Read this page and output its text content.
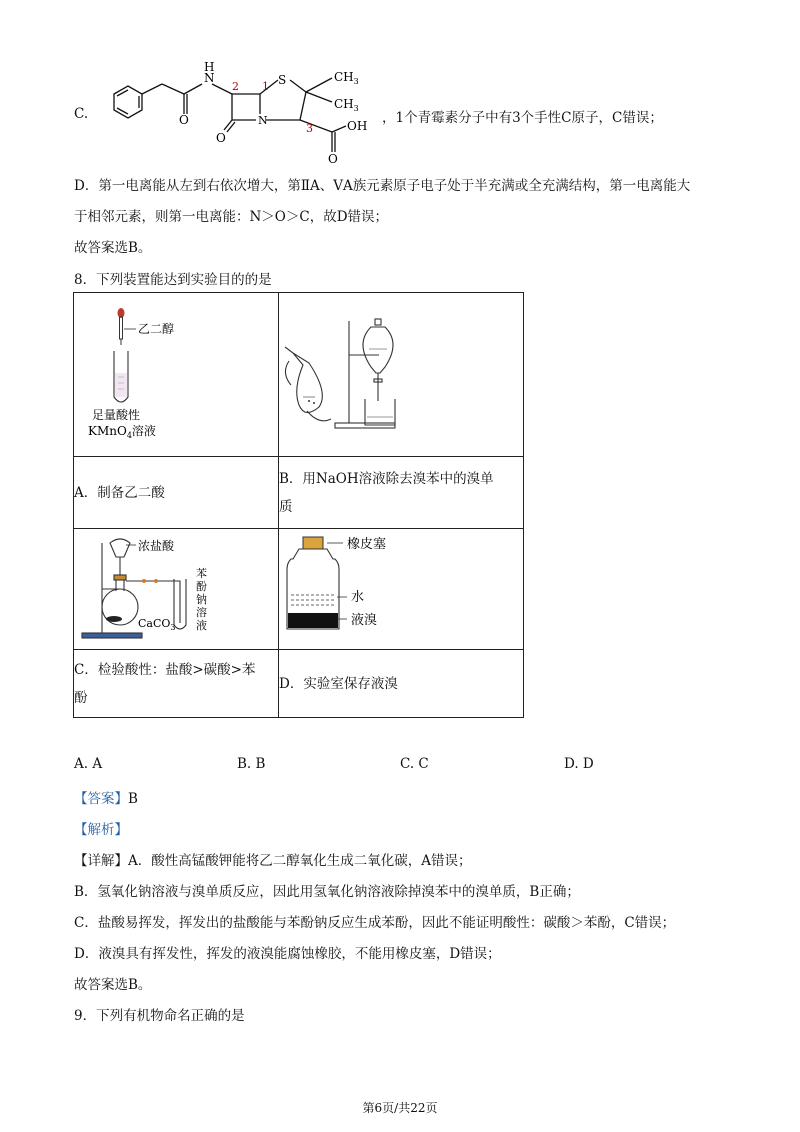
C.
N
H
S
N
$CH_3$
$CH_3$
O
O
O
OH
1
2
3
，1个青霉素分子中有3个手性C原子，C错误；
D．第一电离能从左到右依次增大，第ⅡA、ⅤA族元素原子电子处于半充满或全充满结构，第一电离能大
于相邻元素，则第一电离能：N＞O＞C，故D错误；
故答案选B。
8．下列装置能达到实验目的的是
乙二醇
足量酸性
KMnO$_4$溶液

A．制备乙二酸	B．用NaOH溶液除去溴苯中的溴单
质

浓盐酸
CaCO$_3$
苯 酚 钠 溶 液	橡皮塞
水
液溴

C．检验酸性：盐酸>碳酸>苯
酚	D．实验室保存液溴
A. A	B. B	C. C	D. D
【答案】B
【解析】
【详解】A．酸性高锰酸钾能将乙二醇氧化生成二氧化碳，A错误；
B．氢氧化钠溶液与溴单质反应，因此用氢氧化钠溶液除掉溴苯中的溴单质，B正确；
C．盐酸易挥发，挥发出的盐酸能与苯酚钠反应生成苯酚，因此不能证明酸性：碳酸＞苯酚，C错误；
D．液溴具有挥发性，挥发的液溴能腐蚀橡胶，不能用橡皮塞，D错误；
故答案选B。
9．下列有机物命名正确的是
第6页/共22页
